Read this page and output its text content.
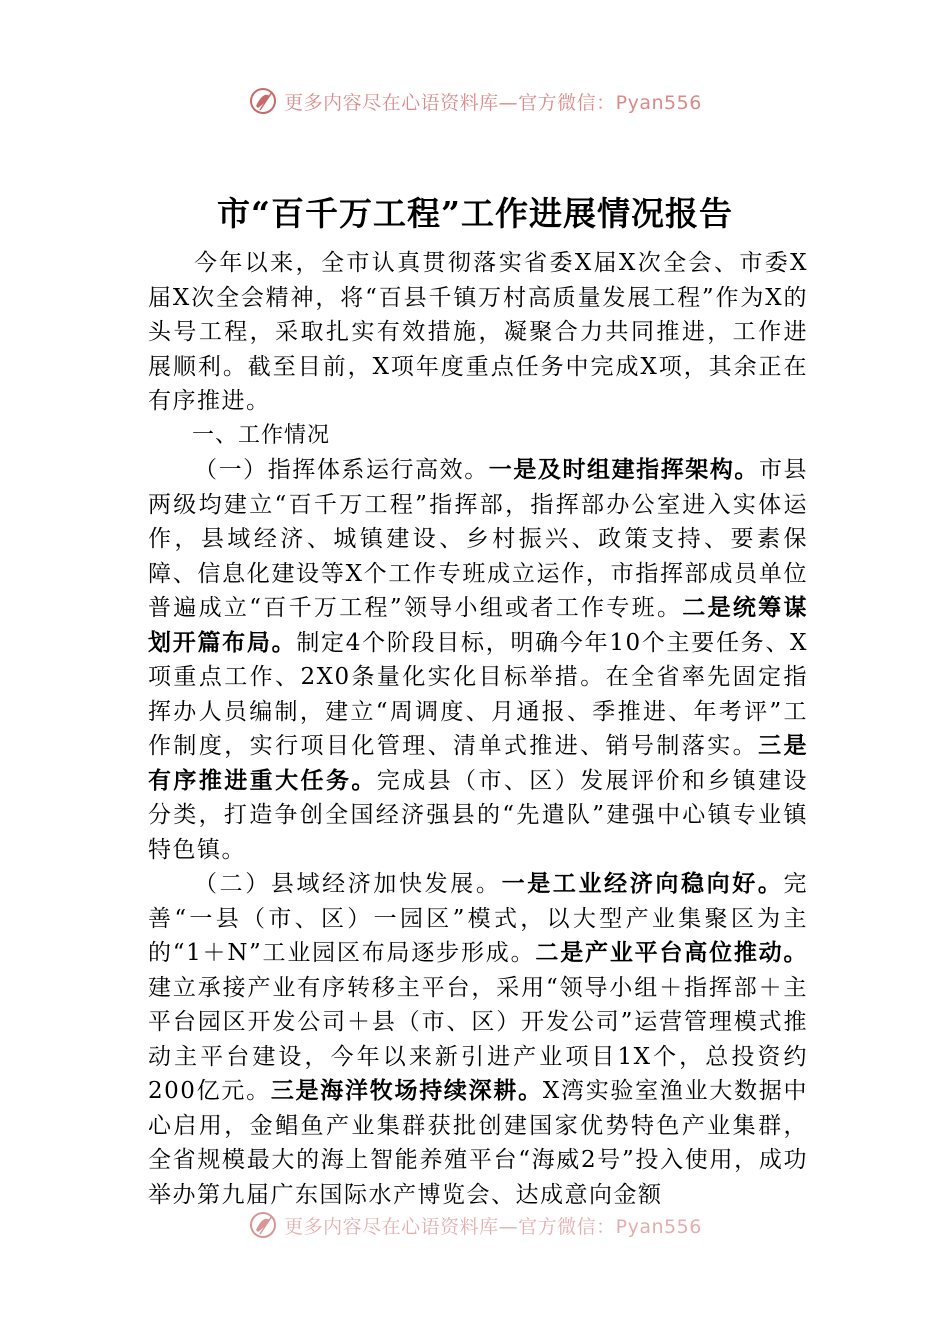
更多内容尽在心语资料库—官方微信：Pyan556
市“百千万工程”工作进展情况报告

今年以来，全市认真贯彻落实省委X届X次全会、市委X届X次全会精神，将“百县千镇万村高质量发展工程”作为X的头号工程，采取扎实有效措施，凝聚合力共同推进，工作进展顺利。截至目前，X项年度重点任务中完成X项，其余正在有序推进。

一、工作情况

（一）指挥体系运行高效。一是及时组建指挥架构。市县两级均建立“百千万工程”指挥部，指挥部办公室进入实体运作，县域经济、城镇建设、乡村振兴、政策支持、要素保障、信息化建设等X个工作专班成立运作，市指挥部成员单位普遍成立“百千万工程”领导小组或者工作专班。二是统筹谋划开篇布局。制定4个阶段目标，明确今年10个主要任务、X项重点工作、2X0条量化实化目标举措。在全省率先固定指挥办人员编制，建立“周调度、月通报、季推进、年考评”工作制度，实行项目化管理、清单式推进、销号制落实。三是有序推进重大任务。完成县（市、区）发展评价和乡镇建设分类，打造争创全国经济强县的“先遣队”建强中心镇专业镇特色镇。

（二）县域经济加快发展。一是工业经济向稳向好。完善“一县（市、区）一园区”模式，以大型产业集聚区为主的“1＋N”工业园区布局逐步形成。二是产业平台高位推动。建立承接产业有序转移主平台，采用“领导小组＋指挥部＋主平台园区开发公司＋县（市、区）开发公司”运营管理模式推动主平台建设，今年以来新引进产业项目1X个，总投资约200亿元。三是海洋牧场持续深耕。X湾实验室渔业大数据中心启用，金鲳鱼产业集群获批创建国家优势特色产业集群，全省规模最大的海上智能养殖平台“海威2号”投入使用，成功举办第九届广东国际水产博览会、达成意向金额

更多内容尽在心语资料库—官方微信：Pyan556
